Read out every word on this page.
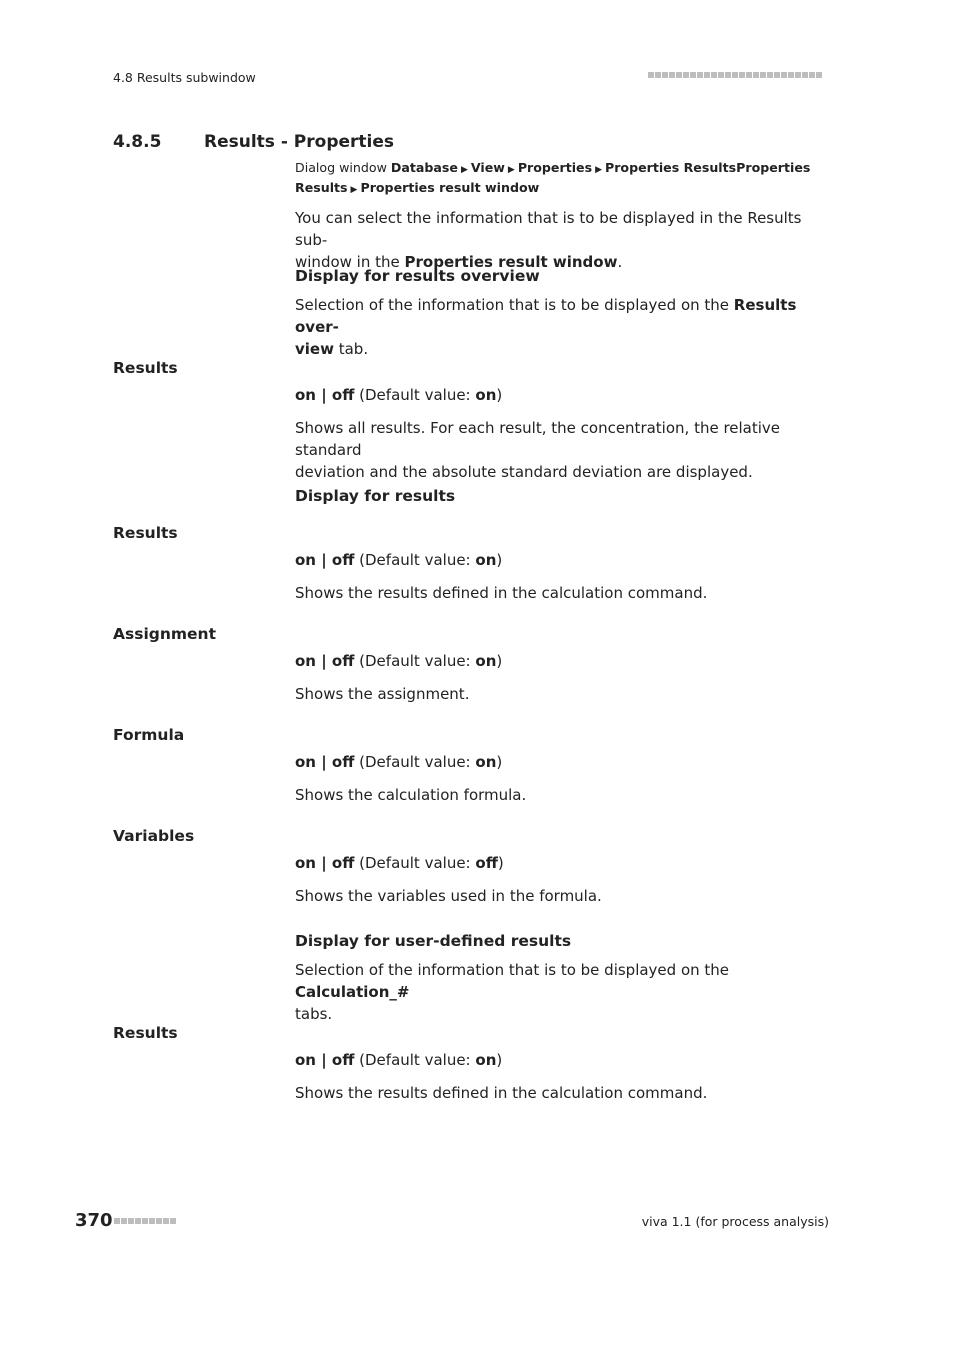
4.8 Results subwindow
4.8.5	Results - Properties
Dialog window Database ▶ View ▶ Properties ▶ Properties ResultsProperties
Results ▶ Properties result window
You can select the information that is to be displayed in the Results sub-
window in the Properties result window.
Display for results overview
Selection of the information that is to be displayed on the Results over-
view tab.
Results
on | off (Default value: on)
Shows all results. For each result, the concentration, the relative standard
deviation and the absolute standard deviation are displayed.
Display for results
Results
on | off (Default value: on)
Shows the results defined in the calculation command.
Assignment
on | off (Default value: on)
Shows the assignment.
Formula
on | off (Default value: on)
Shows the calculation formula.
Variables
on | off (Default value: off)
Shows the variables used in the formula.
Display for user-defined results
Selection of the information that is to be displayed on the Calculation_#
tabs.
Results
on | off (Default value: on)
Shows the results defined in the calculation command.
370	viva 1.1 (for process analysis)
